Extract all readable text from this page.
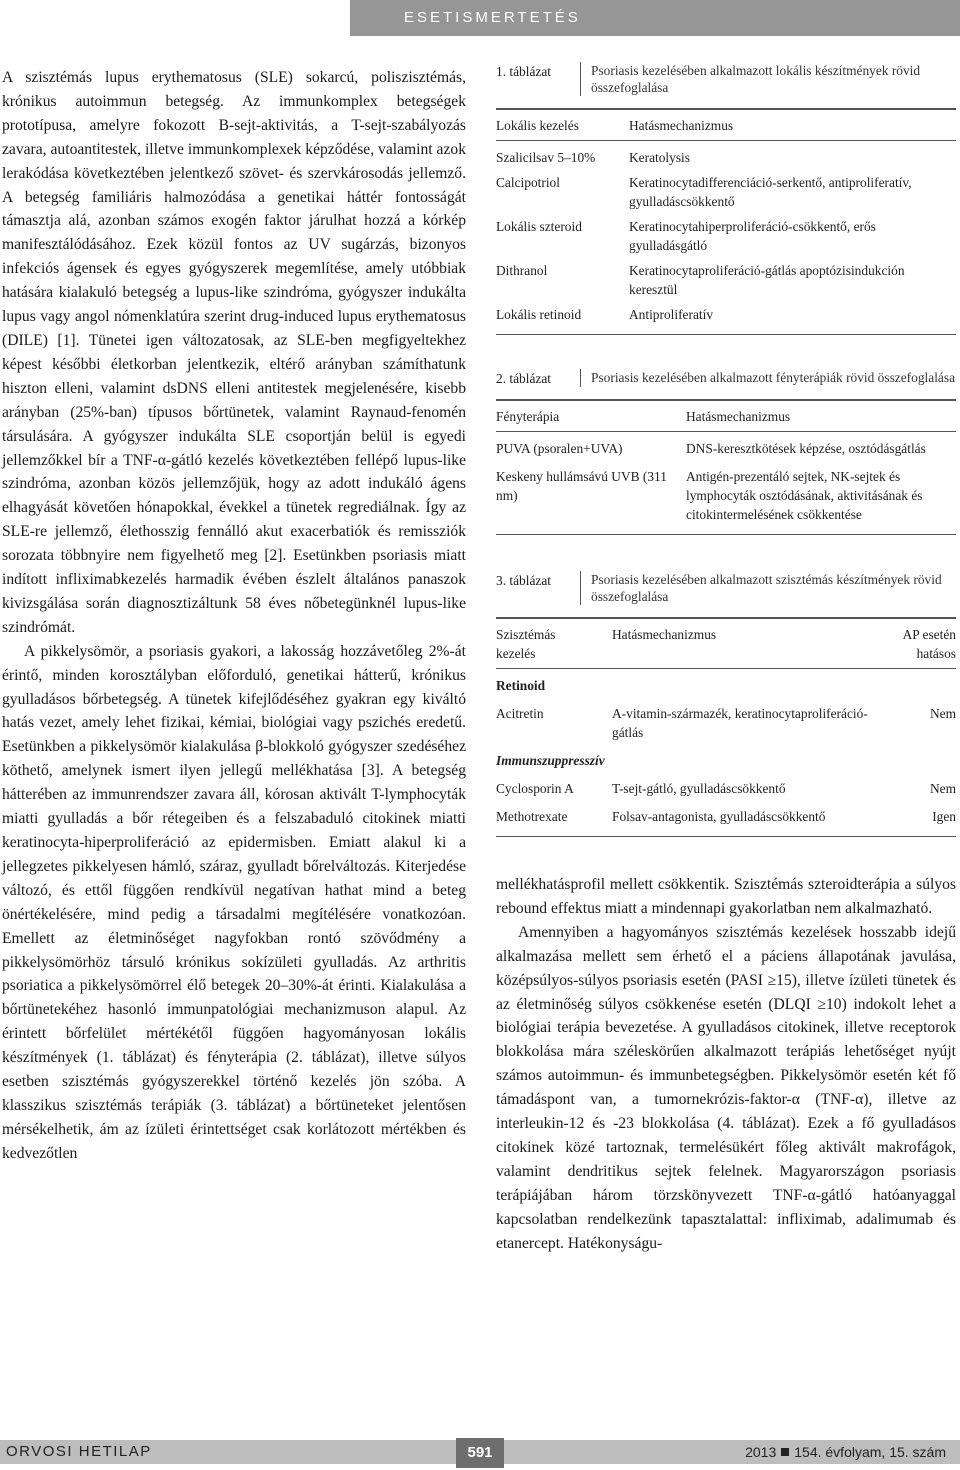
ESETISMERTETÉS

A szisztémás lupus erythematosus (SLE) sokarcú, poliszisztémás, krónikus autoimmun betegség. Az immunkomplex betegségek prototípusa, amelyre fokozott B-sejt-aktivitás, a T-sejt-szabályozás zavara, autoantitestek, illetve immunkomplexek képződése, valamint azok lerakódása következtében jelentkező szövet- és szervkárosodás jellemző. A betegség familiáris halmozódása a genetikai háttér fontosságát támasztja alá, azonban számos exogén faktor járulhat hozzá a kórkép manifesztálódásához. Ezek közül fontos az UV sugárzás, bizonyos infekciós ágensek és egyes gyógyszerek megemlítése, amely utóbbiak hatására kialakuló betegség a lupus-like szindróma, gyógyszer indukálta lupus vagy angol nómenklatúra szerint drug-induced lupus erythematosus (DILE) [1]. Tünetei igen változatosak, az SLE-ben megfigyeltekhez képest későbbi életkorban jelentkezik, eltérő arányban számíthatunk hiszton elleni, valamint dsDNS elleni antitestek megjelenésére, kisebb arányban (25%-ban) típusos bőrtünetek, valamint Raynaud-fenomén társulására. A gyógyszer indukálta SLE csoportján belül is egyedi jellemzőkkel bír a TNF-α-gátló kezelés következtében fellépő lupus-like szindróma, azonban közös jellemzőjük, hogy az adott indukáló ágens elhagyását követően hónapokkal, évekkel a tünetek regrediálnak. Így az SLE-re jellemző, élethosszig fennálló akut exacerbatiók és remissziók sorozata többnyire nem figyelhető meg [2]. Esetünkben psoriasis miatt indított infliximabkezelés harmadik évében észlelt általános panaszok kivizsgálása során diagnosztizáltunk 58 éves nőbetegünknél lupus-like szindrómát.

A pikkelysömör, a psoriasis gyakori, a lakosság hozzávetőleg 2%-át érintő, minden korosztályban előforduló, genetikai hátterű, krónikus gyulladásos bőrbetegség. A tünetek kifejlődéséhez gyakran egy kiváltó hatás vezet, amely lehet fizikai, kémiai, biológiai vagy pszichés eredetű. Esetünkben a pikkelysömör kialakulása β-blokkoló gyógyszer szedéséhez köthető, amelynek ismert ilyen jellegű mellékhatása [3]. A betegség hátterében az immunrendszer zavara áll, kórosan aktivált T-lymphocyták miatti gyulladás a bőr rétegeiben és a felszabaduló citokinek miatti keratinocyta-hiperproliferáció az epidermisben. Emiatt alakul ki a jellegzetes pikkelyesen hámló, száraz, gyulladt bőrelváltozás. Kiterjedése változó, és ettől függően rendkívül negatívan hathat mind a beteg önértékelésére, mind pedig a társadalmi megítélésére vonatkozóan. Emellett az életminőséget nagyfokban rontó szövődmény a pikkelysömörhöz társuló krónikus sokízületi gyulladás. Az arthritis psoriatica a pikkelysömörrel élő betegek 20–30%-át érinti. Kialakulása a bőrtünetekéhez hasonló immunpatológiai mechanizmuson alapul. Az érintett bőrfelület mértékétől függően hagyományosan lokális készítmények (1. táblázat) és fényterápia (2. táblázat), illetve súlyos esetben szisztémás gyógyszerekkel történő kezelés jön szóba. A klasszikus szisztémás terápiák (3. táblázat) a bőrtüneteket jelentősen mérsékelhetik, ám az ízületi érintettséget csak korlátozott mértékben és kedvezőtlen

1. táblázat	Psoriasis kezelésében alkalmazott lokális készítmények rövid összefoglalása
Lokális kezelés	Hatásmechanizmus
Szalicilsav 5–10%	Keratolysis
Calcipotriol	Keratinocytadifferenciáció-serkentő, antiproliferatív, gyulladáscsökkentő
Lokális szteroid	Keratinocytahiperproliferáció-csökkentő, erős gyulladásgátló
Dithranol	Keratinocytaproliferáció-gátlás apoptózisindukción keresztül
Lokális retinoid	Antiproliferatív
2. táblázat	Psoriasis kezelésében alkalmazott fényterápiák rövid összefoglalása
Fényterápia	Hatásmechanizmus
PUVA (psoralen+UVA)	DNS-keresztkötések képzése, osztódásgátlás
Keskeny hullámsávú UVB (311 nm)	Antigén-prezentáló sejtek, NK-sejtek és lymphocyták osztódásának, aktivitásának és citokintermelésének csökkentése
3. táblázat	Psoriasis kezelésében alkalmazott szisztémás készítmények rövid összefoglalása
Szisztémás kezelés	Hatásmechanizmus	AP esetén hatásos
Retinoid		
Acitretin	A-vitamin-származék, keratinocytaproliferáció-gátlás	Nem
Immunszuppresszív		
Cyclosporin A	T-sejt-gátló, gyulladáscsökkentő	Nem
Methotrexate	Folsav-antagonista, gyulladáscsökkentő	Igen

mellékhatásprofil mellett csökkentik. Szisztémás szteroidterápia a súlyos rebound effektus miatt a mindennapi gyakorlatban nem alkalmazható.

Amennyiben a hagyományos szisztémás kezelések hosszabb idejű alkalmazása mellett sem érhető el a páciens állapotának javulása, középsúlyos-súlyos psoriasis esetén (PASI ≥15), illetve ízületi tünetek és az életminőség súlyos csökkenése esetén (DLQI ≥10) indokolt lehet a biológiai terápia bevezetése. A gyulladásos citokinek, illetve receptorok blokkolása mára széleskörűen alkalmazott terápiás lehetőséget nyújt számos autoimmun- és immunbetegségben. Pikkelysömör esetén két fő támadáspont van, a tumornekrózis-faktor-α (TNF-α), illetve az interleukin-12 és -23 blokkolása (4. táblázat). Ezek a fő gyulladásos citokinek közé tartoznak, termelésükért főleg aktivált makrofágok, valamint dendritikus sejtek felelnek. Magyarországon psoriasis terápiájában három törzskönyvezett TNF-α-gátló hatóanyaggal kapcsolatban rendelkezünk tapasztalattal: infliximab, adalimumab és etanercept. Hatékonyságu-

ORVOSI HETILAP	591	2013 154. évfolyam, 15. szám
